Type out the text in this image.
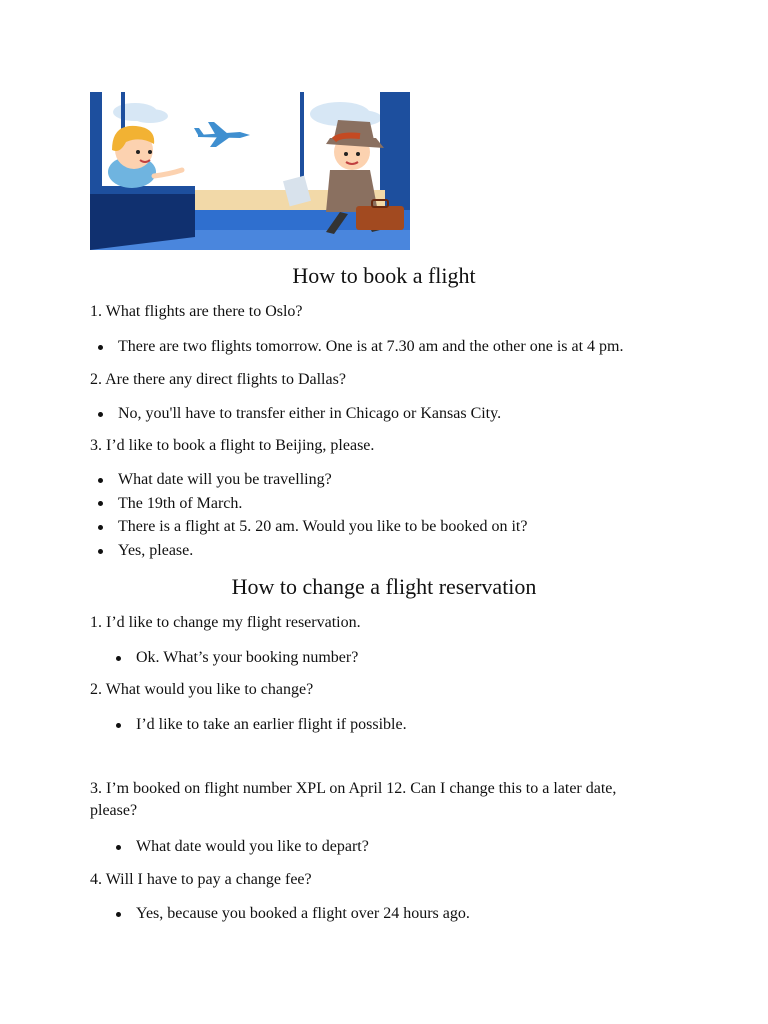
How to book a flight

1. What flights are there to Oslo?

There are two flights tomorrow. One is at 7.30 am and the other one is at 4 pm.

2. Are there any direct flights to Dallas?

No, you'll have to transfer either in Chicago or Kansas City.

3. I’d like to book a flight to Beijing, please.

What date will you be travelling?
The 19th of March.
There is a flight at 5. 20 am. Would you like to be booked on it?
Yes, please.
How to change a flight reservation

1. I’d like to change my flight reservation.

Ok. What’s your booking number?

2. What would you like to change?

I’d like to take an earlier flight if possible.

3. I’m booked on flight number XPL on April 12. Can I change this to a later date,
please?

What date would you like to depart?

4. Will I have to pay a change fee?

Yes, because you booked a flight over 24 hours ago.
